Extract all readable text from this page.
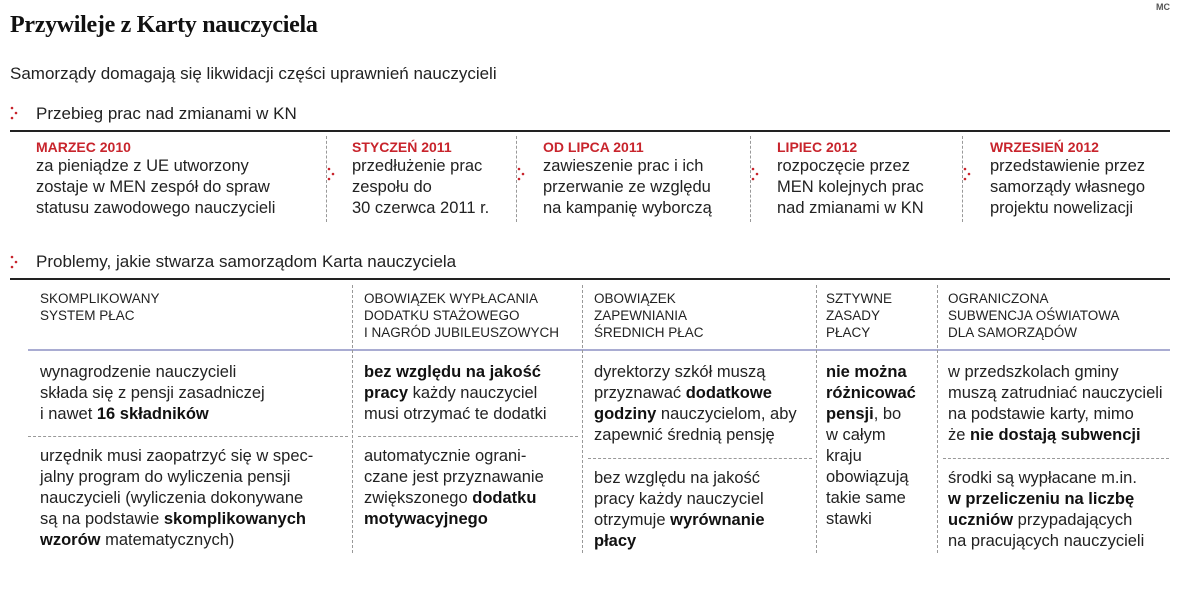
Przywileje z Karty nauczyciela
MC
Samorządy domagają się likwidacji części uprawnień nauczycieli
Przebieg prac nad zmianami w KN
MARZEC 2010
za pieniądze z UE utworzony
zostaje w MEN zespół do spraw
statusu zawodowego nauczycieli
STYCZEŃ 2011
przedłużenie prac
zespołu do
30 czerwca 2011 r.
OD LIPCA 2011
zawieszenie prac i ich
przerwanie ze względu
na kampanię wyborczą
LIPIEC 2012
rozpoczęcie przez
MEN kolejnych prac
nad zmianami w KN
WRZESIEŃ 2012
przedstawienie przez
samorządy własnego
projektu nowelizacji
Problemy, jakie stwarza samorządom Karta nauczyciela
SKOMPLIKOWANY
SYSTEM PŁAC
wynagrodzenie nauczycieli
składa się z pensji zasadniczej
i nawet 16 składników
urzędnik musi zaopatrzyć się w spec-
jalny program do wyliczenia pensji
nauczycieli (wyliczenia dokonywane
są na podstawie skomplikowanych
wzorów matematycznych)
OBOWIĄZEK WYPŁACANIA
DODATKU STAŻOWEGO
I NAGRÓD JUBILEUSZOWYCH
bez względu na jakość
pracy każdy nauczyciel
musi otrzymać te dodatki
automatycznie ograni-
czane jest przyznawanie
zwiększonego dodatku
motywacyjnego
OBOWIĄZEK
ZAPEWNIANIA
ŚREDNICH PŁAC
dyrektorzy szkół muszą
przyznawać dodatkowe
godziny nauczycielom, aby
zapewnić średnią pensję
bez względu na jakość
pracy każdy nauczyciel
otrzymuje wyrównanie
płacy
SZTYWNE
ZASADY
PŁACY
nie można
różnicować
pensji, bo
w całym
kraju
obowiązują
takie same
stawki
OGRANICZONA
SUBWENCJA OŚWIATOWA
DLA SAMORZĄDÓW
w przedszkolach gminy
muszą zatrudniać nauczycieli
na podstawie karty, mimo
że nie dostają subwencji
środki są wypłacane m.in.
w przeliczeniu na liczbę
uczniów przypadających
na pracujących nauczycieli
